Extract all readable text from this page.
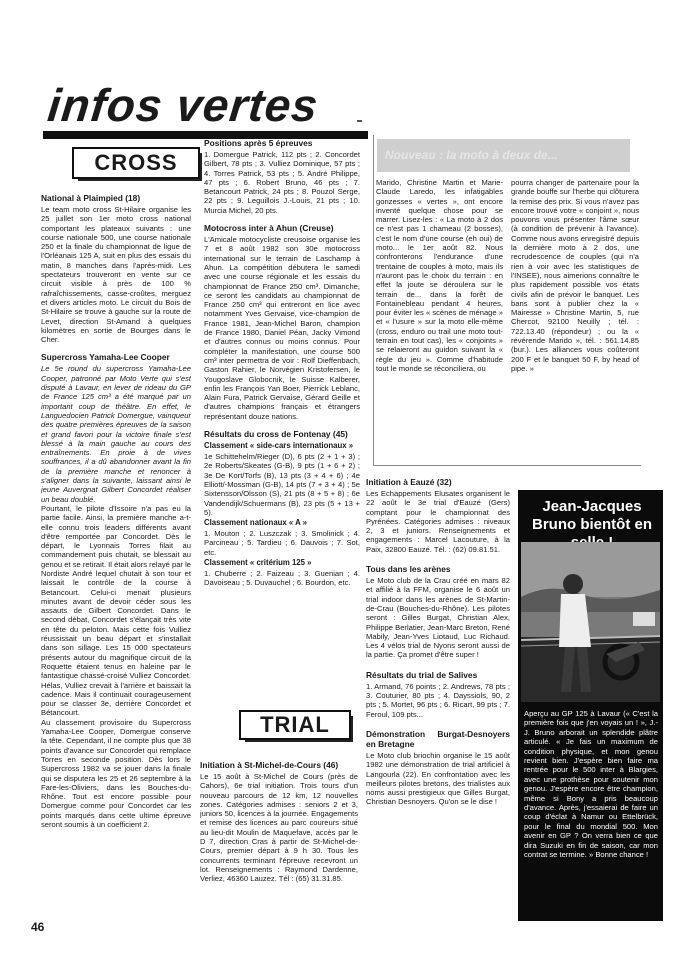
infos vertes
CROSS
National à Plaimpied (18)

Le team moto cross St-Hilaire organise les 25 juillet son 1er moto cross national comportant les plateaux suivants : une course nationale 500, une course nationale 250 et la finale du championnat de ligue de l'Orléanais 125 A, suit en plus des essais du matin, 8 manches dans l'après-midi. Les spectateurs trouveront en vente sur ce circuit visible à près de 100 % rafraîchissements, casse-croûtes, merguez et divers articles moto. Le circuit du Bois de St-Hilaire se trouve à gauche sur la route de Levet, direction St-Amand à quelques kilomètres en sortie de Bourges dans le Cher.

Supercross Yamaha-Lee Cooper

Le 5e round du supercross Yamaha-Lee Cooper, patronné par Moto Verte qui s'est disputé à Lavaur, en lever de rideau du GP de France 125 cm³ a été marqué par un important coup de théâtre. En effet, le Languedocien Patrick Domergue, vainqueur des quatre premières épreuves de la saison et grand favori pour la victoire finale s'est blessé à la main gauche au cours des entraînements. En proie à de vives souffrances, il a dû abandonner avant la fin de la première manche et renoncer à s'aligner dans la suivante, laissant ainsi le jeune Auvergnat Gilbert Concordet réaliser un beau doublé.

Pourtant, le pilote d'Issoire n'a pas eu la partie facile. Ainsi, la première manche a-t-elle connu trois leaders différents avant d'être remportée par Concordet. Dès le départ, le Lyonnais Torres filait au commandement puis chutait, se blessait au genou et se retirait. Il était alors relayé par le Nordiste André lequel chutait à son tour et laissait le contrôle de la course à Betancourt. Celui-ci menait plusieurs minutes avant de devoir céder sous les assauts de Gilbert Concordet. Dans le second débat, Concordet s'élançait très vite en tête du peloton. Mais cette fois Vulliez réussissait un beau départ et s'installait dans son sillage. Les 15 000 spectateurs présents autour du magnifique circuit de la Roquette étaient tenus en haleine par le fantastique chassé-croisé Vulliez Concordet. Hélas, Vulliez crevait à l'arrière et baissait la cadence. Mais il continuait courageusement pour se classer 3e, derrière Concordet et Bétancourt.

Au classement provisoire du Supercross Yamaha-Lee Cooper, Domergue conserve la tête. Cependant, il ne compte plus que 38 points d'avance sur Concordet qui remplace Torres en seconde position. Dès lors le Supercross 1982 va se jouer dans la finale qui se disputera les 25 et 26 septembre à la Fare-les-Oliviers, dans les Bouches-du-Rhône. Tout est encore possible pour Domergue comme pour Concordet car les points marqués dans cette ultime épreuve seront soumis à un coefficient 2.

Positions après 5 épreuves

1. Domergue Patrick, 112 pts ; 2. Concordet Gilbert, 78 pts ; 3. Vulliez Dominique, 57 pts ; 4. Torres Patrick, 53 pts ; 5. André Philippe, 47 pts ; 6. Robert Bruno, 46 pts ; 7. Betancourt Patrick, 24 pts ; 8. Pouzol Serge, 22 pts ; 9. Leguillois J.-Louis, 21 pts ; 10. Murcia Michel, 20 pts.

Motocross inter à Ahun (Creuse)

L'Amicale motocycliste creusoise organise les 7 et 8 août 1982 son 30e motocross international sur le terrain de Laschamp à Ahun. La compétition débutera le samedi avec une course régionale et les essais du championnat de France 250 cm³. Dimanche, ce seront les candidats au championnat de France 250 cm³ qui entreront en lice avec notamment Yves Gervaise, vice-champion de France 1981, Jean-Michel Baron, champion de France 1980, Daniel Péan, Jacky Vimond et d'autres connus ou moins connus. Pour compléter la manifestation, une course 500 cm³ inter permettra de voir : Rolf Dieffenbach, Gaston Rahier, le Norvégien Kristofersen, le Yougoslave Globocnik, le Suisse Kalberer, enfin les François Yan Boer, Pierrick Leblanc, Alain Fura, Patrick Gervaise, Gérard Geille et d'autres champions français et étrangers représentant douze nations.

Résultats du cross de Fontenay (45)
Classement « side-cars internationaux »

1e Schittehelm/Rieger (D), 6 pts (2 + 1 + 3) ; 2e Roberts/Skeates (G-B), 9 pts (1 + 6 + 2) ; 3e De Kort/Torfs (B), 13 pts (3 + 4 + 6) ; 4e Elliott/-Mossman (G-B), 14 pts (7 + 3 + 4) ; 5e Sixtensson/Olsson (S), 21 pts (8 + 5 + 8) ; 6e Vandendijk/Schuermans (B), 23 pts (5 + 13 + 5).

Classement nationaux « A »

1. Mouton ; 2. Luszczak ; 3. Smolinick ; 4. Parcineau ; 5. Tardieu ; 6. Dauvois ; 7. Sot, etc.

Classement « critérium 125 »

1. Chuberre ; 2. Faizeau ; 3. Guenian ; 4. Davoiseau ; 5. Duvauchel ; 6. Bourdon, etc.

TRIAL
Initiation à St-Michel-de-Cours (46)

Le 15 août à St-Michel de Cours (près de Cahors), 6e trial initiation. Trois tours d'un nouveau parcours de 12 km, 12 nouvelles zones. Catégories admises : seniors 2 et 3, juniors 50, licences à la journée. Engagements et remise des licences au parc coureurs situé au lieu-dit Moulin de Maquefave, accès par le D 7, direction Cras à partir de St-Michel-de-Cours, premier départ à 9 h 30. Tous les concurrents terminant l'épreuve recevront un lot. Renseignements : Raymond Dardenne, Verliez, 46360 Lauzez. Tél : (65) 31.31.85.

Nouveau : la moto à deux de...

Marido, Christine Martin et Marie-Claude Laredo, les infatigables gonzesses « vertes », ont encore inventé quelque chose pour se marrer. Lisez-les : « La moto à 2 dos ce n'est pas 1 chameau (2 bosses), c'est le nom d'une course (eh oui) de moto... le 1er août 82. Nous confronterons l'endurance d'une trentaine de couples à moto, mais ils n'auront pas le choix du terrain : en effet la joute se déroulera sur le terrain de... dans la forêt de Fontainebleau pendant 4 heures, pour éviter les « scènes de ménage » et « l'usure » sur la moto elle-même (cross, enduro ou trail une moto tout-terrain en tout cas), les « conjoints » se relaieront au guidon suivant la « règle du jeu ». Comme d'habitude tout le monde se réconciliera, ou

pourra changer de partenaire pour la grande bouffe sur l'herbe qui clôturera la remise des prix. Si vous n'avez pas encore trouvé votre « conjoint », nous pouvons vous présenter l'âme sœur (à condition de prévenir à l'avance). Comme nous avons enregistré depuis la dernière moto à 2 dos, une recrudescence de couples (qui n'a rien à voir avec les statistiques de l'INSEE), nous aimerions connaître le plus rapidement possible vos états civils afin de prévoir le banquet. Les bans sont à publier chez la « Mairesse » Christine Martin, 5, rue Chercot, 92100 Neuilly ; tél. : 722.13.40 (répondeur) ; ou la « révérende Marido », tél. : 561.14.85 (bur.). Les alliances vous coûteront 200 F et le banquet 50 F, by head of pipe. »

Initiation à Eauzé (32)

Les Echappements Elusates organisent le 22 août le 3e trial d'Eauzé (Gers) comptant pour le championnat des Pyrénées. Catégories admises : niveaux 2, 3 et juniors. Renseignements et engagements : Marcel Lacouture, à la Paix, 32800 Eauzé. Tél. : (62) 09.81.51.

Tous dans les arènes

Le Moto club de la Crau créé en mars 82 et affilié à la FFM, organise le 6 août un trial indoor dans les arènes de St-Martin-de-Crau (Bouches-du-Rhône). Les pilotes seront : Gilles Burgat, Christian Alex, Philippe Berlatier, Jean-Marc Breton, René Mabily, Jean-Yves Liotaud, Luc Richaud. Les 4 vélos trial de Nyons seront aussi de la partie. Ça promet d'être super !

Résultats du trial de Salives

1. Armand, 76 points ; 2. Andrews, 78 pts ; 3. Couturier, 80 pts ; 4. Dayssiols, 90, 2 pts ; 5. Mortet, 96 pts ; 6. Ricart, 99 pts ; 7. Feroul, 109 pts...

Démonstration Burgat-Desnoyers en Bretagne

Le Moto club briochin organise le 15 août 1982 une démonstration de trial artificiel à Langourla (22). En confrontation avec les meilleurs pilotes bretons, des trialistes aux noms aussi prestigieux que Gilles Burgat, Christian Desnoyers. Qu'on se le dise !

Jean-Jacques Bruno bientôt en
Aperçu au GP 125 à Lavaur (« C'est la première fois que j'en voyais un ! », J.-J. Bruno arborait un splendide plâtre articulé. « Je fais un maximum de condition physique, et mon genou revient bien. J'espère bien faire ma rentrée pour le 500 inter à Blargies, avec une prothèse pour soutenir mon genou. J'espère encore être champion, même si Bony a pris beaucoup d'avance. Après, j'essaierai de faire un coup d'éclat à Namur ou Ettelbrück, pour le final du mondial 500. Mon avenir en GP ? On verra bien ce que dira Suzuki en fin de saison, car mon contrat se termine. » Bonne chance !
46
